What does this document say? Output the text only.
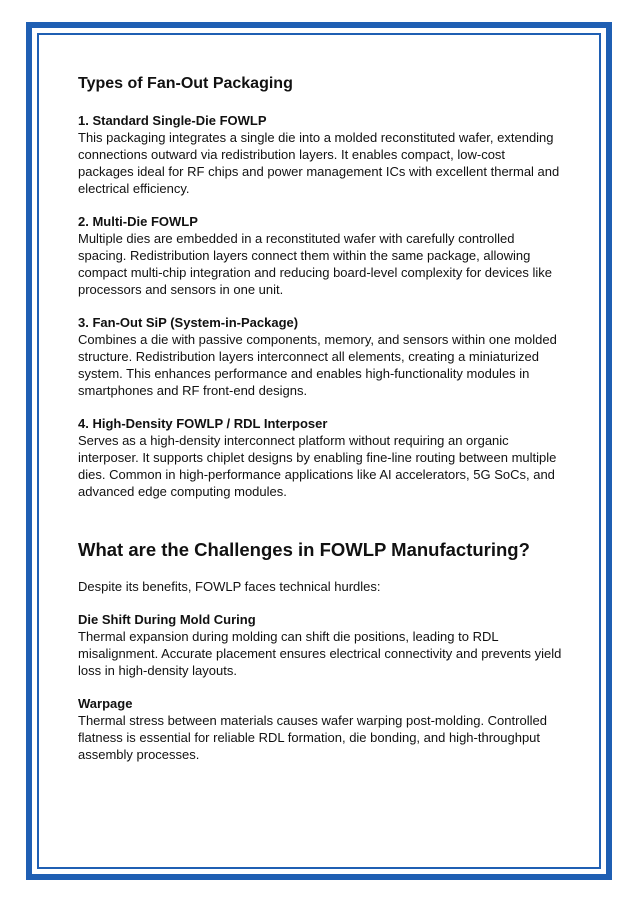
Types of Fan-Out Packaging

1. Standard Single-Die FOWLP

This packaging integrates a single die into a molded reconstituted wafer, extending connections outward via redistribution layers. It enables compact, low-cost packages ideal for RF chips and power management ICs with excellent thermal and electrical efficiency.

2. Multi-Die FOWLP

Multiple dies are embedded in a reconstituted wafer with carefully controlled spacing. Redistribution layers connect them within the same package, allowing compact multi-chip integration and reducing board-level complexity for devices like processors and sensors in one unit.

3. Fan-Out SiP (System-in-Package)

Combines a die with passive components, memory, and sensors within one molded structure. Redistribution layers interconnect all elements, creating a miniaturized system. This enhances performance and enables high-functionality modules in smartphones and RF front-end designs.

4. High-Density FOWLP / RDL Interposer

Serves as a high-density interconnect platform without requiring an organic interposer. It supports chiplet designs by enabling fine-line routing between multiple dies. Common in high-performance applications like AI accelerators, 5G SoCs, and advanced edge computing modules.

What are the Challenges in FOWLP Manufacturing?

Despite its benefits, FOWLP faces technical hurdles:

Die Shift During Mold Curing

Thermal expansion during molding can shift die positions, leading to RDL misalignment. Accurate placement ensures electrical connectivity and prevents yield loss in high-density layouts.

Warpage

Thermal stress between materials causes wafer warping post-molding. Controlled flatness is essential for reliable RDL formation, die bonding, and high-throughput assembly processes.
